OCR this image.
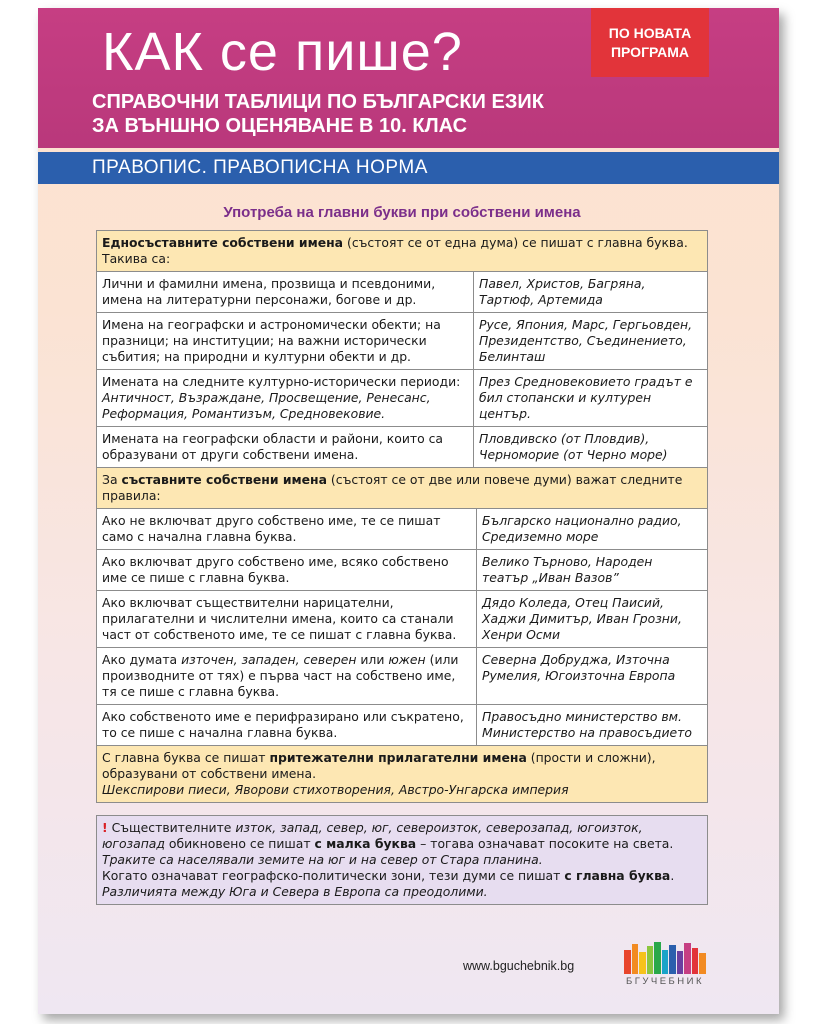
КАК се пише?
СПРАВОЧНИ ТАБЛИЦИ ПО БЪЛГАРСКИ ЕЗИК
ЗА ВЪНШНО ОЦЕНЯВАНЕ В 10. КЛАС
ПО НОВАТА
ПРОГРАМА
ПРАВОПИС. ПРАВОПИСНА НОРМА
Употреба на главни букви при собствени имена
Едносъставните собствени имена (състоят се от една дума) се пишат с главна буква. Такива са:
Лични и фамилни имена, прозвища и псевдоними, имена на литературни персонажи, богове и др.
Павел, Христов, Багряна, Тартюф, Артемида
Имена на географски и астрономически обекти; на празници; на институции; на важни исторически събития; на природни и културни обекти и др.
Русе, Япония, Марс, Гергьовден, Президентство, Съединението, Белинташ
Имената на следните културно-исторически периоди: Античност, Възраждане, Просвещение, Ренесанс, Реформация, Романтизъм, Средновековие.
През Средновековието градът е бил стопански и културен център.
Имената на географски области и райони, които са образувани от други собствени имена.
Пловдивско (от Пловдив), Черноморие (от Черно море)
За съставните собствени имена (състоят се от две или повече думи) важат следните правила:
Ако не включват друго собствено име, те се пишат само с начална главна буква.
Българско национално радио, Средиземно море
Ако включват друго собствено име, всяко собствено име се пише с главна буква.
Велико Търново, Народен театър „Иван Вазов”
Ако включват съществителни нарицателни, прилагателни и числителни имена, които са станали част от собственото име, те се пишат с главна буква.
Дядо Коледа, Отец Паисий, Хаджи Димитър, Иван Грозни, Хенри Осми
Ако думата източен, западен, северен или южен (или производните от тях) е първа част на собствено име, тя се пише с главна буква.
Северна Добруджа, Източна Румелия, Югоизточна Европа
Ако собственото име е перифразирано или съкратено, то се пише с начална главна буква.
Правосъдно министерство вм. Министерство на правосъдието
С главна буква се пишат притежателни прилагателни имена (прости и сложни), образувани от собствени имена.
Шекспирови пиеси, Яворови стихотворения, Австро-Унгарска империя
! Съществителните изток, запад, север, юг, североизток, северозапад, югоизток, югозапад обикновено се пишат с малка буква – тогава означават посоките на света.
Траките са населявали земите на юг и на север от Стара планина.
Когато означават географско-политически зони, тези думи се пишат с главна буква.
Различията между Юга и Севера в Европа са преодолими.
www.bguchebnik.bg
БГУЧЕБНИК
